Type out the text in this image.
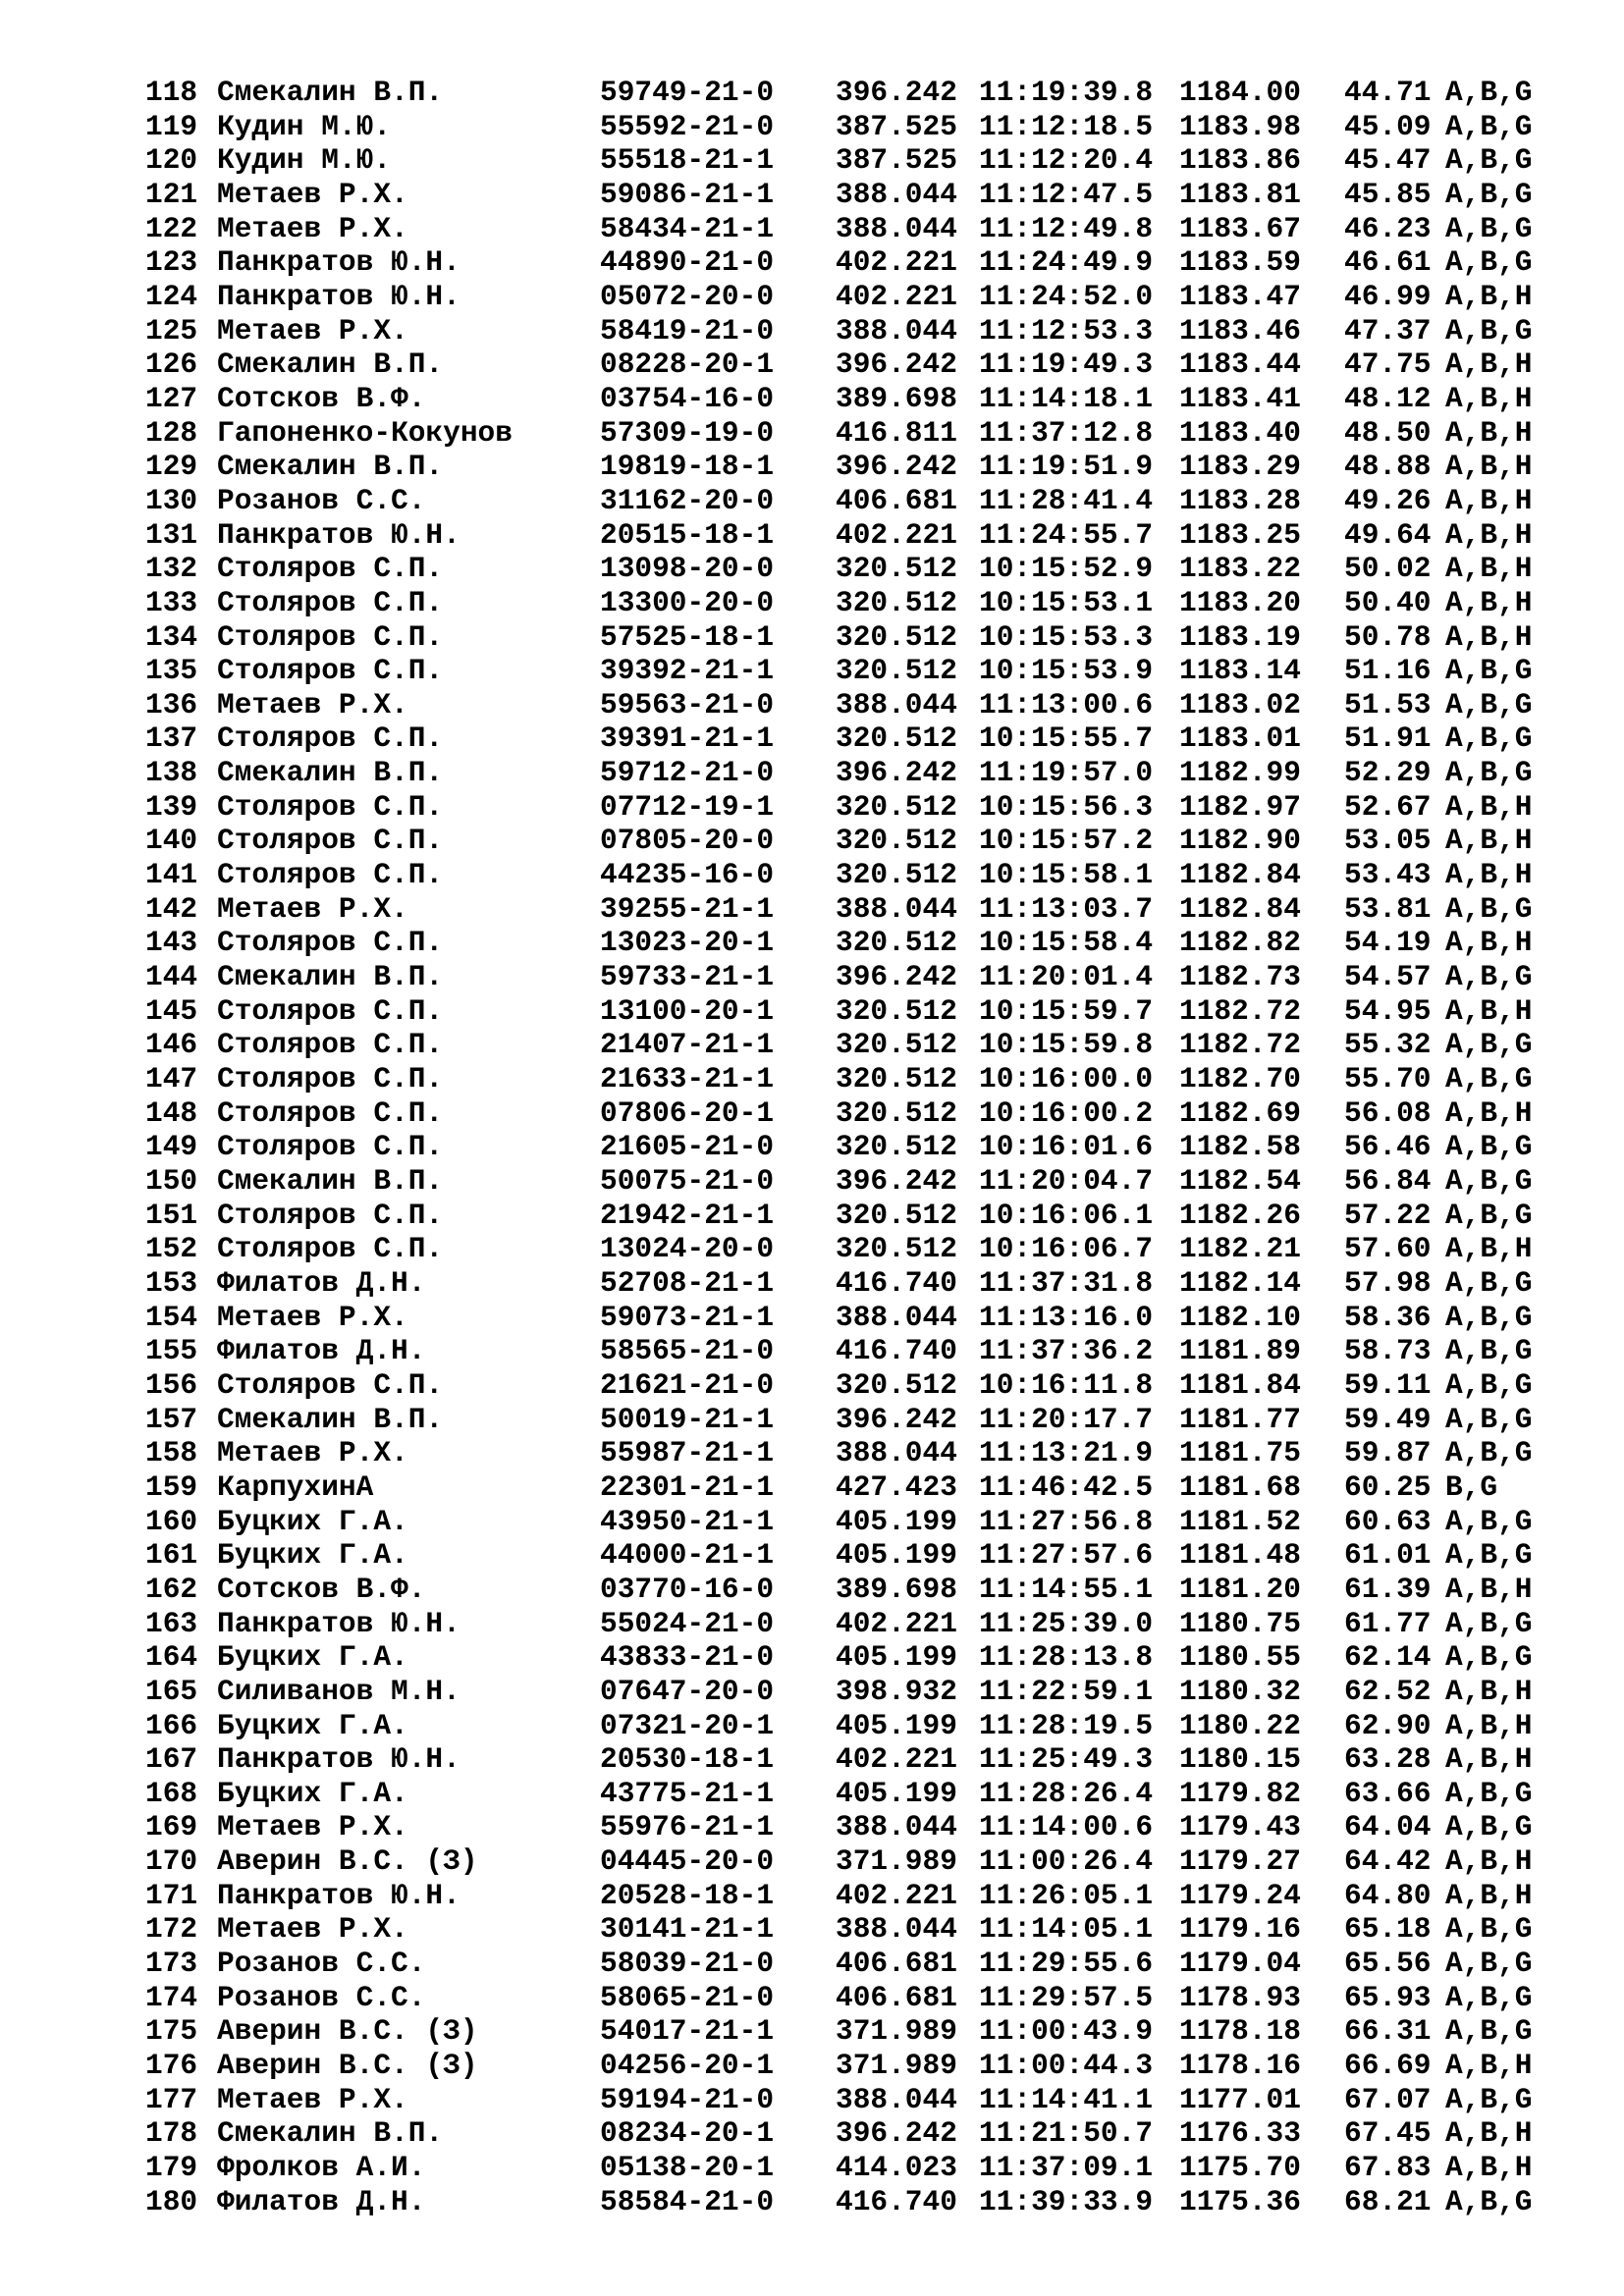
118	Смекалин В.П.	59749-21-0	396.242	11:19:39.8	1184.00	44.71	A,B,G
119	Кудин М.Ю.	55592-21-0	387.525	11:12:18.5	1183.98	45.09	A,B,G
120	Кудин М.Ю.	55518-21-1	387.525	11:12:20.4	1183.86	45.47	A,B,G
121	Метаев Р.Х.	59086-21-1	388.044	11:12:47.5	1183.81	45.85	A,B,G
122	Метаев Р.Х.	58434-21-1	388.044	11:12:49.8	1183.67	46.23	A,B,G
123	Панкратов Ю.Н.	44890-21-0	402.221	11:24:49.9	1183.59	46.61	A,B,G
124	Панкратов Ю.Н.	05072-20-0	402.221	11:24:52.0	1183.47	46.99	A,B,H
125	Метаев Р.Х.	58419-21-0	388.044	11:12:53.3	1183.46	47.37	A,B,G
126	Смекалин В.П.	08228-20-1	396.242	11:19:49.3	1183.44	47.75	A,B,H
127	Сотсков В.Ф.	03754-16-0	389.698	11:14:18.1	1183.41	48.12	A,B,H
128	Гапоненко-Кокунов	57309-19-0	416.811	11:37:12.8	1183.40	48.50	A,B,H
129	Смекалин В.П.	19819-18-1	396.242	11:19:51.9	1183.29	48.88	A,B,H
130	Розанов С.С.	31162-20-0	406.681	11:28:41.4	1183.28	49.26	A,B,H
131	Панкратов Ю.Н.	20515-18-1	402.221	11:24:55.7	1183.25	49.64	A,B,H
132	Столяров С.П.	13098-20-0	320.512	10:15:52.9	1183.22	50.02	A,B,H
133	Столяров С.П.	13300-20-0	320.512	10:15:53.1	1183.20	50.40	A,B,H
134	Столяров С.П.	57525-18-1	320.512	10:15:53.3	1183.19	50.78	A,B,H
135	Столяров С.П.	39392-21-1	320.512	10:15:53.9	1183.14	51.16	A,B,G
136	Метаев Р.Х.	59563-21-0	388.044	11:13:00.6	1183.02	51.53	A,B,G
137	Столяров С.П.	39391-21-1	320.512	10:15:55.7	1183.01	51.91	A,B,G
138	Смекалин В.П.	59712-21-0	396.242	11:19:57.0	1182.99	52.29	A,B,G
139	Столяров С.П.	07712-19-1	320.512	10:15:56.3	1182.97	52.67	A,B,H
140	Столяров С.П.	07805-20-0	320.512	10:15:57.2	1182.90	53.05	A,B,H
141	Столяров С.П.	44235-16-0	320.512	10:15:58.1	1182.84	53.43	A,B,H
142	Метаев Р.Х.	39255-21-1	388.044	11:13:03.7	1182.84	53.81	A,B,G
143	Столяров С.П.	13023-20-1	320.512	10:15:58.4	1182.82	54.19	A,B,H
144	Смекалин В.П.	59733-21-1	396.242	11:20:01.4	1182.73	54.57	A,B,G
145	Столяров С.П.	13100-20-1	320.512	10:15:59.7	1182.72	54.95	A,B,H
146	Столяров С.П.	21407-21-1	320.512	10:15:59.8	1182.72	55.32	A,B,G
147	Столяров С.П.	21633-21-1	320.512	10:16:00.0	1182.70	55.70	A,B,G
148	Столяров С.П.	07806-20-1	320.512	10:16:00.2	1182.69	56.08	A,B,H
149	Столяров С.П.	21605-21-0	320.512	10:16:01.6	1182.58	56.46	A,B,G
150	Смекалин В.П.	50075-21-0	396.242	11:20:04.7	1182.54	56.84	A,B,G
151	Столяров С.П.	21942-21-1	320.512	10:16:06.1	1182.26	57.22	A,B,G
152	Столяров С.П.	13024-20-0	320.512	10:16:06.7	1182.21	57.60	A,B,H
153	Филатов Д.Н.	52708-21-1	416.740	11:37:31.8	1182.14	57.98	A,B,G
154	Метаев Р.Х.	59073-21-1	388.044	11:13:16.0	1182.10	58.36	A,B,G
155	Филатов Д.Н.	58565-21-0	416.740	11:37:36.2	1181.89	58.73	A,B,G
156	Столяров С.П.	21621-21-0	320.512	10:16:11.8	1181.84	59.11	A,B,G
157	Смекалин В.П.	50019-21-1	396.242	11:20:17.7	1181.77	59.49	A,B,G
158	Метаев Р.Х.	55987-21-1	388.044	11:13:21.9	1181.75	59.87	A,B,G
159	КарпухинА	22301-21-1	427.423	11:46:42.5	1181.68	60.25	B,G
160	Буцких Г.А.	43950-21-1	405.199	11:27:56.8	1181.52	60.63	A,B,G
161	Буцких Г.А.	44000-21-1	405.199	11:27:57.6	1181.48	61.01	A,B,G
162	Сотсков В.Ф.	03770-16-0	389.698	11:14:55.1	1181.20	61.39	A,B,H
163	Панкратов Ю.Н.	55024-21-0	402.221	11:25:39.0	1180.75	61.77	A,B,G
164	Буцких Г.А.	43833-21-0	405.199	11:28:13.8	1180.55	62.14	A,B,G
165	Силиванов М.Н.	07647-20-0	398.932	11:22:59.1	1180.32	62.52	A,B,H
166	Буцких Г.А.	07321-20-1	405.199	11:28:19.5	1180.22	62.90	A,B,H
167	Панкратов Ю.Н.	20530-18-1	402.221	11:25:49.3	1180.15	63.28	A,B,H
168	Буцких Г.А.	43775-21-1	405.199	11:28:26.4	1179.82	63.66	A,B,G
169	Метаев Р.Х.	55976-21-1	388.044	11:14:00.6	1179.43	64.04	A,B,G
170	Аверин В.С. (З)	04445-20-0	371.989	11:00:26.4	1179.27	64.42	A,B,H
171	Панкратов Ю.Н.	20528-18-1	402.221	11:26:05.1	1179.24	64.80	A,B,H
172	Метаев Р.Х.	30141-21-1	388.044	11:14:05.1	1179.16	65.18	A,B,G
173	Розанов С.С.	58039-21-0	406.681	11:29:55.6	1179.04	65.56	A,B,G
174	Розанов С.С.	58065-21-0	406.681	11:29:57.5	1178.93	65.93	A,B,G
175	Аверин В.С. (З)	54017-21-1	371.989	11:00:43.9	1178.18	66.31	A,B,G
176	Аверин В.С. (З)	04256-20-1	371.989	11:00:44.3	1178.16	66.69	A,B,H
177	Метаев Р.Х.	59194-21-0	388.044	11:14:41.1	1177.01	67.07	A,B,G
178	Смекалин В.П.	08234-20-1	396.242	11:21:50.7	1176.33	67.45	A,B,H
179	Фролков А.И.	05138-20-1	414.023	11:37:09.1	1175.70	67.83	A,B,H
180	Филатов Д.Н.	58584-21-0	416.740	11:39:33.9	1175.36	68.21	A,B,G
